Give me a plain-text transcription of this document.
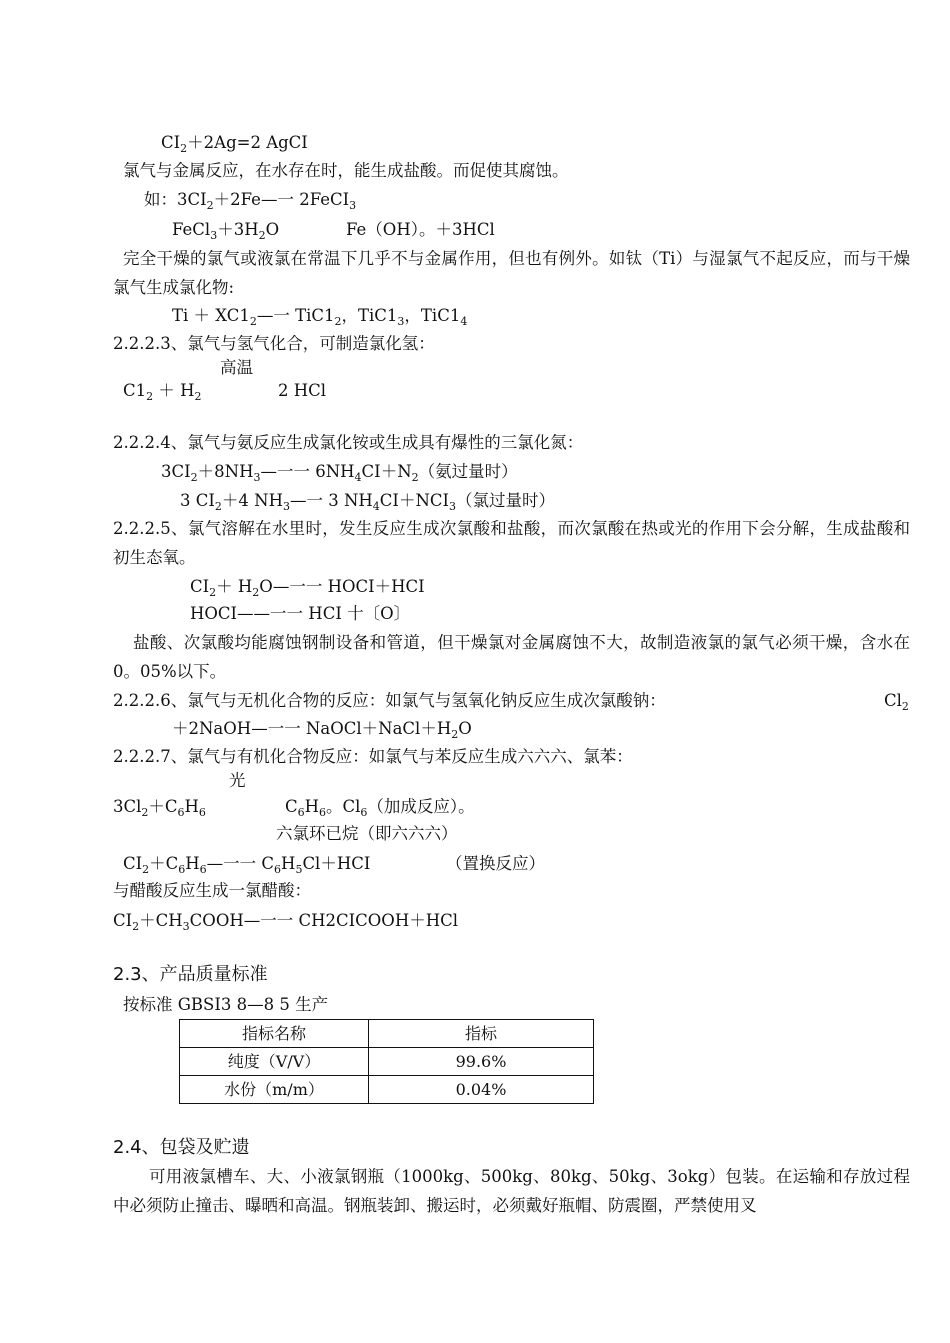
$CI_2+2Ag=2$ AgCI
氯气与金属反应，在水存在时，能生成盐酸。而促使其腐蚀。
如：$3CI_2+2Fe—$一 2FeCI$_3$
$FeCl_3+3H_2O$	Fe（OH）。＋3HCl
完全干燥的氯气或液氯在常温下几乎不与金属作用，但也有例外。如钛（Ti）与湿氯气不起反应，而与干燥氯气生成氯化物:
$Ti + XC1_2—$一 $TiC1_2$，$TiC1_3$，$TiC1_4$
2.2.2.3、氯气与氢气化合，可制造氯化氢：
高温
$C1_2 + H_2$	2 HCl
2.2.2.4、氯气与氨反应生成氯化铵或生成具有爆性的三氯化氮：
$3CI_2+8NH_3—$一一 $6NH_4CI+N_2$（氨过量时）
3 $CI_2+4$ $NH_3—$一 3 $NH_4CI+NCI_3$（氯过量时）
2.2.2.5、氯气溶解在水里时，发生反应生成次氯酸和盐酸，而次氯酸在热或光的作用下会分解，生成盐酸和初生态氧。
$CI_2+$ $H_2O—$一一 HOCI＋HCI
HOCI——一一 HCI 十〔O〕
盐酸、次氯酸均能腐蚀钢制设备和管道，但干燥氯对金属腐蚀不大，故制造液氯的氯气必须干燥，含水在 0。05%以下。
2.2.2.6、氯气与无机化合物的反应：如氯气与氢氧化钠反应生成次氯酸钠：	$Cl_2$
＋2NaOH—一一 $NaOCl+NaCl+H_2O$
2.2.2.7、氯气与有机化合物反应：如氯气与苯反应生成六六六、氯苯：
光
$3Cl_2+C_6H_6$	$C_6H_6$。$Cl_6$（加成反应）。
六氯环已烷（即六六六）
$CI_2+C_6H_6—$一一 $C_6H_5Cl+HCI$	（置换反应）
与醋酸反应生成一氯醋酸：
$CI_2+CH_3COOH—$一一 CH2CICOOH＋HCl
2.3、产品质量标准
按标准 GBSI3 8—8 5 生产
指标名称	指标
纯度（V/V）	99.6%
水份（m/m）	0.04%
2.4、包袋及贮遗
可用液氯槽车、大、小液氯钢瓶（1000kg、500kg、80kg、50kg、3okg）包装。在运输和存放过程中必须防止撞击、曝晒和高温。钢瓶装卸、搬运时，必须戴好瓶帽、防震圈，严禁使用叉
